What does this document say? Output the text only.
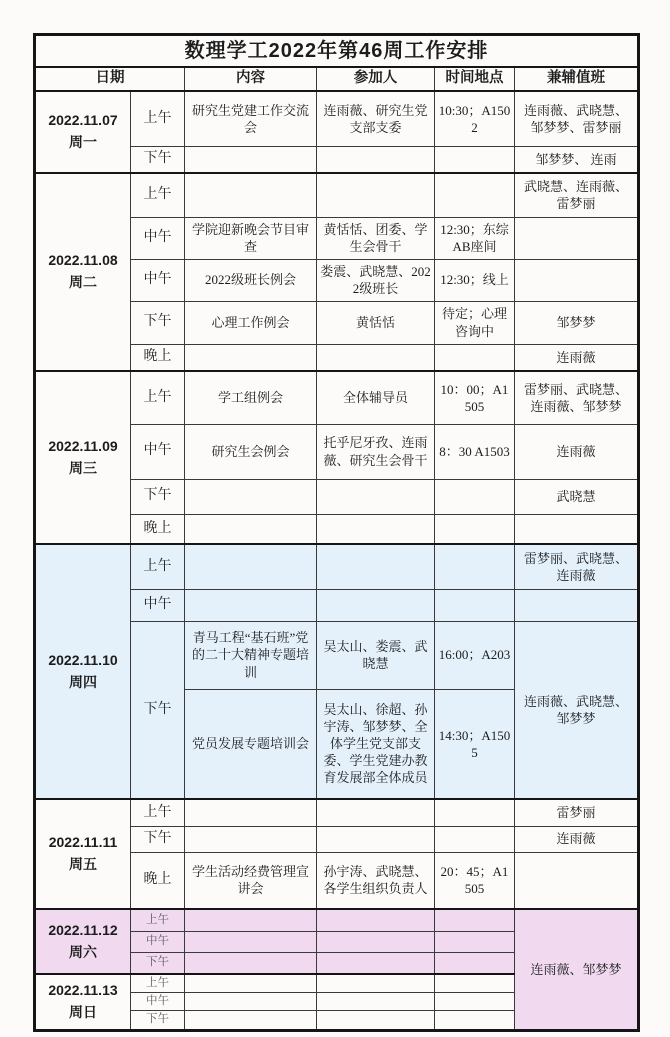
数理学工2022年第46周工作安排					
日期		内容	参加人	时间地点	兼辅值班

2022.11.07
周一	上午	研究生党建工作交流会	连雨薇、研究生党支部支委	10:30；A1502	连雨薇、武晓慧、邹梦梦、雷梦丽
	下午				邹梦梦、 连雨

2022.11.08
周二	上午				武晓慧、连雨薇、雷梦丽
	中午	学院迎新晚会节目审查	黄恬恬、团委、学生会骨干	12:30；东综AB座间	
	中午	2022级班长例会	娄震、武晓慧、2022级班长	12:30；线上	
	下午	心理工作例会	黄恬恬	待定；心理咨询中	邹梦梦
	晚上				连雨薇

2022.11.09
周三	上午	学工组例会	全体辅导员	10：00；A1505	雷梦丽、武晓慧、连雨薇、邹梦梦
	中午	研究生会例会	托乎尼牙孜、连雨薇、研究生会骨干	8：30 A1503	连雨薇
	下午				武晓慧
	晚上				

2022.11.10
周四	上午				雷梦丽、武晓慧、连雨薇
	中午				
	下午	青马工程“基石班”党的二十大精神专题培训	吴太山、娄震、武晓慧	16:00；A203	连雨薇、武晓慧、邹梦梦
		党员发展专题培训会	吴太山、徐超、孙宇涛、邹梦梦、全体学生党支部支委、学生党建办教育发展部全体成员	14:30；A1505	

2022.11.11
周五	上午				雷梦丽
	下午				连雨薇
	晚上	学生活动经费管理宣讲会	孙宇涛、武晓慧、各学生组织负责人	20：45；A1505	

2022.11.12
周六	上午				连雨薇、邹梦梦
	中午				
	下午				

2022.11.13
周日	上午				
	中午				
	下午				
